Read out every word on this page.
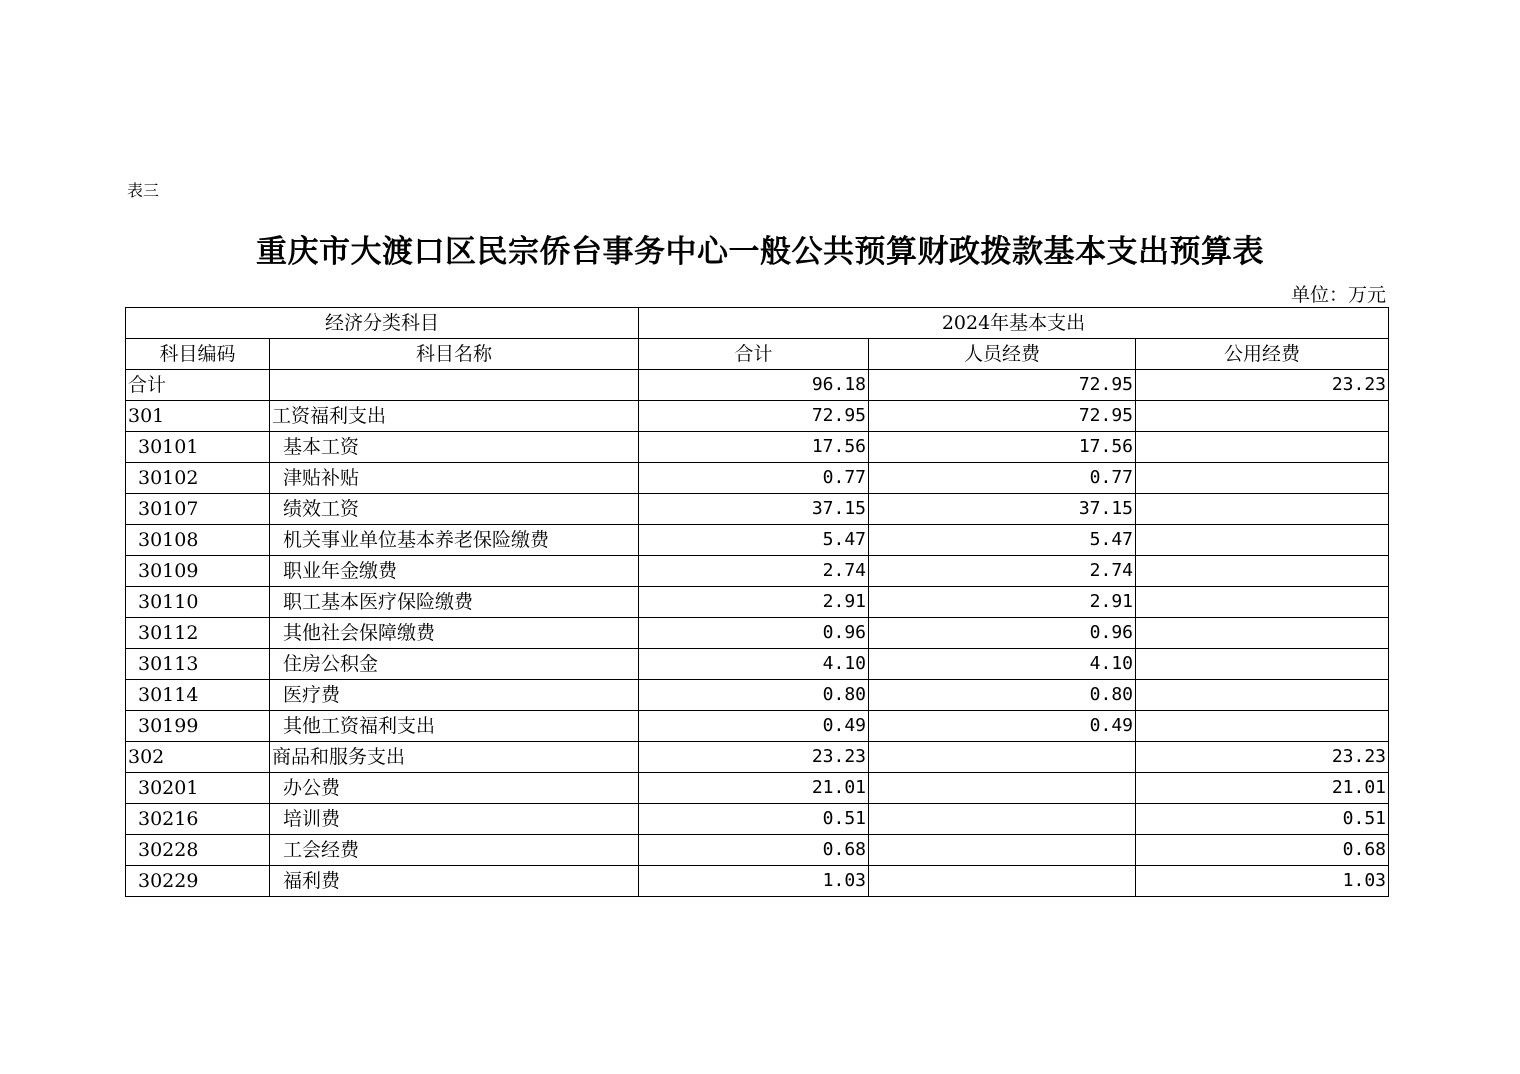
表三
重庆市大渡口区民宗侨台事务中心一般公共预算财政拨款基本支出预算表
单位：万元
经济分类科目		2024年基本支出		
科目编码	科目名称	合计	人员经费	公用经费
合计		96.18	72.95	23.23
301	工资福利支出	72.95	72.95	
30101	基本工资	17.56	17.56	
30102	津贴补贴	0.77	0.77	
30107	绩效工资	37.15	37.15	
30108	机关事业单位基本养老保险缴费	5.47	5.47	
30109	职业年金缴费	2.74	2.74	
30110	职工基本医疗保险缴费	2.91	2.91	
30112	其他社会保障缴费	0.96	0.96	
30113	住房公积金	4.10	4.10	
30114	医疗费	0.80	0.80	
30199	其他工资福利支出	0.49	0.49	
302	商品和服务支出	23.23		23.23
30201	办公费	21.01		21.01
30216	培训费	0.51		0.51
30228	工会经费	0.68		0.68
30229	福利费	1.03		1.03
